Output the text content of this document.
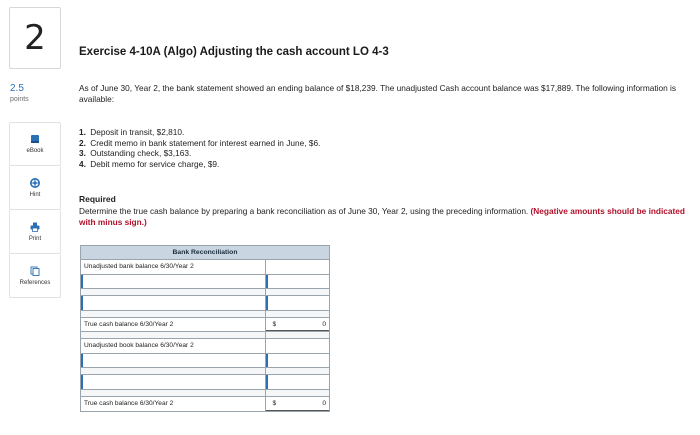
2
2.5
points
eBook
Hint
Print
References
Exercise 4-10A (Algo) Adjusting the cash account LO 4-3
As of June 30, Year 2, the bank statement showed an ending balance of $18,239. The unadjusted Cash account balance was $17,889. The following information is available:
1. Deposit in transit, $2,810.
2. Credit memo in bank statement for interest earned in June, $6.
3. Outstanding check, $3,163.
4. Debit memo for service charge, $9.
Required
Determine the true cash balance by preparing a bank reconciliation as of June 30, Year 2, using the preceding information. (Negative amounts should be indicated with minus sign.)
Bank Reconciliation
Unadjusted bank balance 6/30/Year 2
True cash balance 6/30/Year 2	$	0
Unadjusted book balance 6/30/Year 2
True cash balance 6/30/Year 2	$	0
